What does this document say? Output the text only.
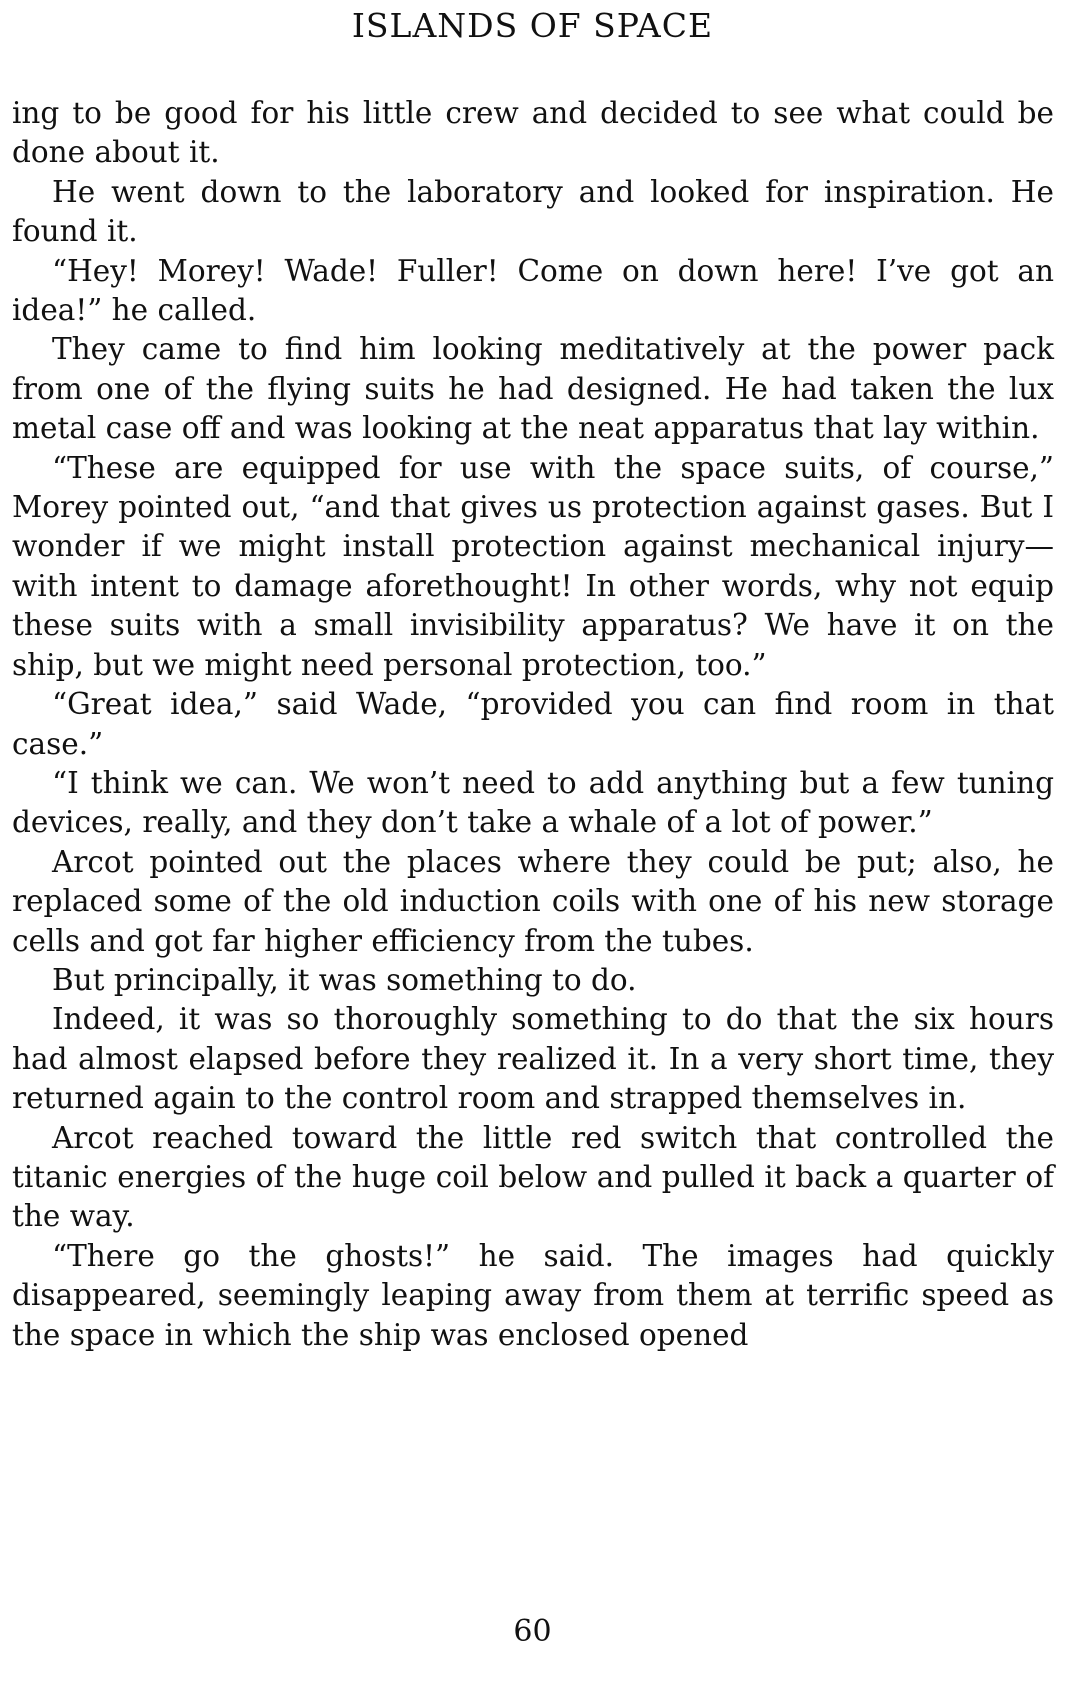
ISLANDS OF SPACE

ing to be good for his little crew and decided to see what could be done about it.

He went down to the laboratory and looked for inspiration. He found it.

“Hey! Morey! Wade! Fuller! Come on down here! I’ve got an idea!” he called.

They came to find him looking meditatively at the power pack from one of the flying suits he had designed. He had taken the lux metal case off and was looking at the neat apparatus that lay within.

“These are equipped for use with the space suits, of course,” Morey pointed out, “and that gives us protection against gases. But I wonder if we might install protection against mechanical injury—with intent to damage aforethought! In other words, why not equip these suits with a small invisibility apparatus? We have it on the ship, but we might need personal protection, too.”

“Great idea,” said Wade, “provided you can find room in that case.”

“I think we can. We won’t need to add anything but a few tuning devices, really, and they don’t take a whale of a lot of power.”

Arcot pointed out the places where they could be put; also, he replaced some of the old induction coils with one of his new storage cells and got far higher efficiency from the tubes.

But principally, it was something to do.

Indeed, it was so thoroughly something to do that the six hours had almost elapsed before they realized it. In a very short time, they returned again to the control room and strapped themselves in.

Arcot reached toward the little red switch that controlled the titanic energies of the huge coil below and pulled it back a quarter of the way.

“There go the ghosts!” he said. The images had quickly disappeared, seemingly leaping away from them at terrific speed as the space in which the ship was enclosed opened

60
